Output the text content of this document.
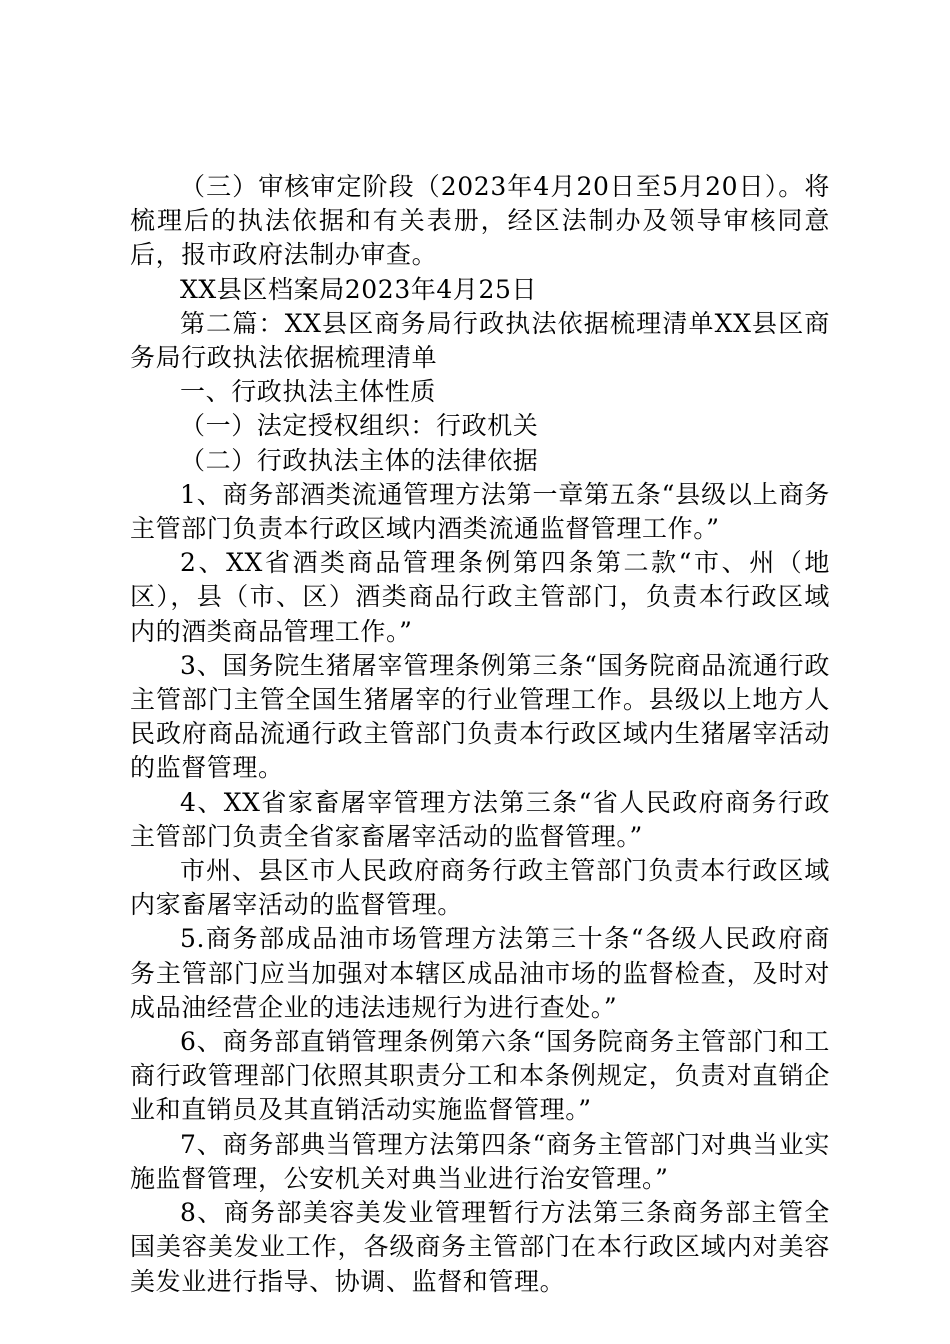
（三）审核审定阶段（2023年4月20日至5月20日）。将梳理后的执法依据和有关表册，经区法制办及领导审核同意后，报市政府法制办审查。

XX县区档案局2023年4月25日

第二篇：XX县区商务局行政执法依据梳理清单XX县区商务局行政执法依据梳理清单

一、行政执法主体性质

（一）法定授权组织：行政机关

（二）行政执法主体的法律依据

1、商务部酒类流通管理方法第一章第五条“县级以上商务主管部门负责本行政区域内酒类流通监督管理工作。”

2、XX省酒类商品管理条例第四条第二款“市、州（地区），县（市、区）酒类商品行政主管部门，负责本行政区域内的酒类商品管理工作。”

3、国务院生猪屠宰管理条例第三条“国务院商品流通行政主管部门主管全国生猪屠宰的行业管理工作。县级以上地方人民政府商品流通行政主管部门负责本行政区域内生猪屠宰活动的监督管理。

4、XX省家畜屠宰管理方法第三条“省人民政府商务行政主管部门负责全省家畜屠宰活动的监督管理。”

市州、县区市人民政府商务行政主管部门负责本行政区域内家畜屠宰活动的监督管理。

5.商务部成品油市场管理方法第三十条“各级人民政府商务主管部门应当加强对本辖区成品油市场的监督检查，及时对成品油经营企业的违法违规行为进行查处。”

6、商务部直销管理条例第六条“国务院商务主管部门和工商行政管理部门依照其职责分工和本条例规定，负责对直销企业和直销员及其直销活动实施监督管理。”

7、商务部典当管理方法第四条“商务主管部门对典当业实施监督管理，公安机关对典当业进行治安管理。”

8、商务部美容美发业管理暂行方法第三条商务部主管全国美容美发业工作，各级商务主管部门在本行政区域内对美容美发业进行指导、协调、监督和管理。
